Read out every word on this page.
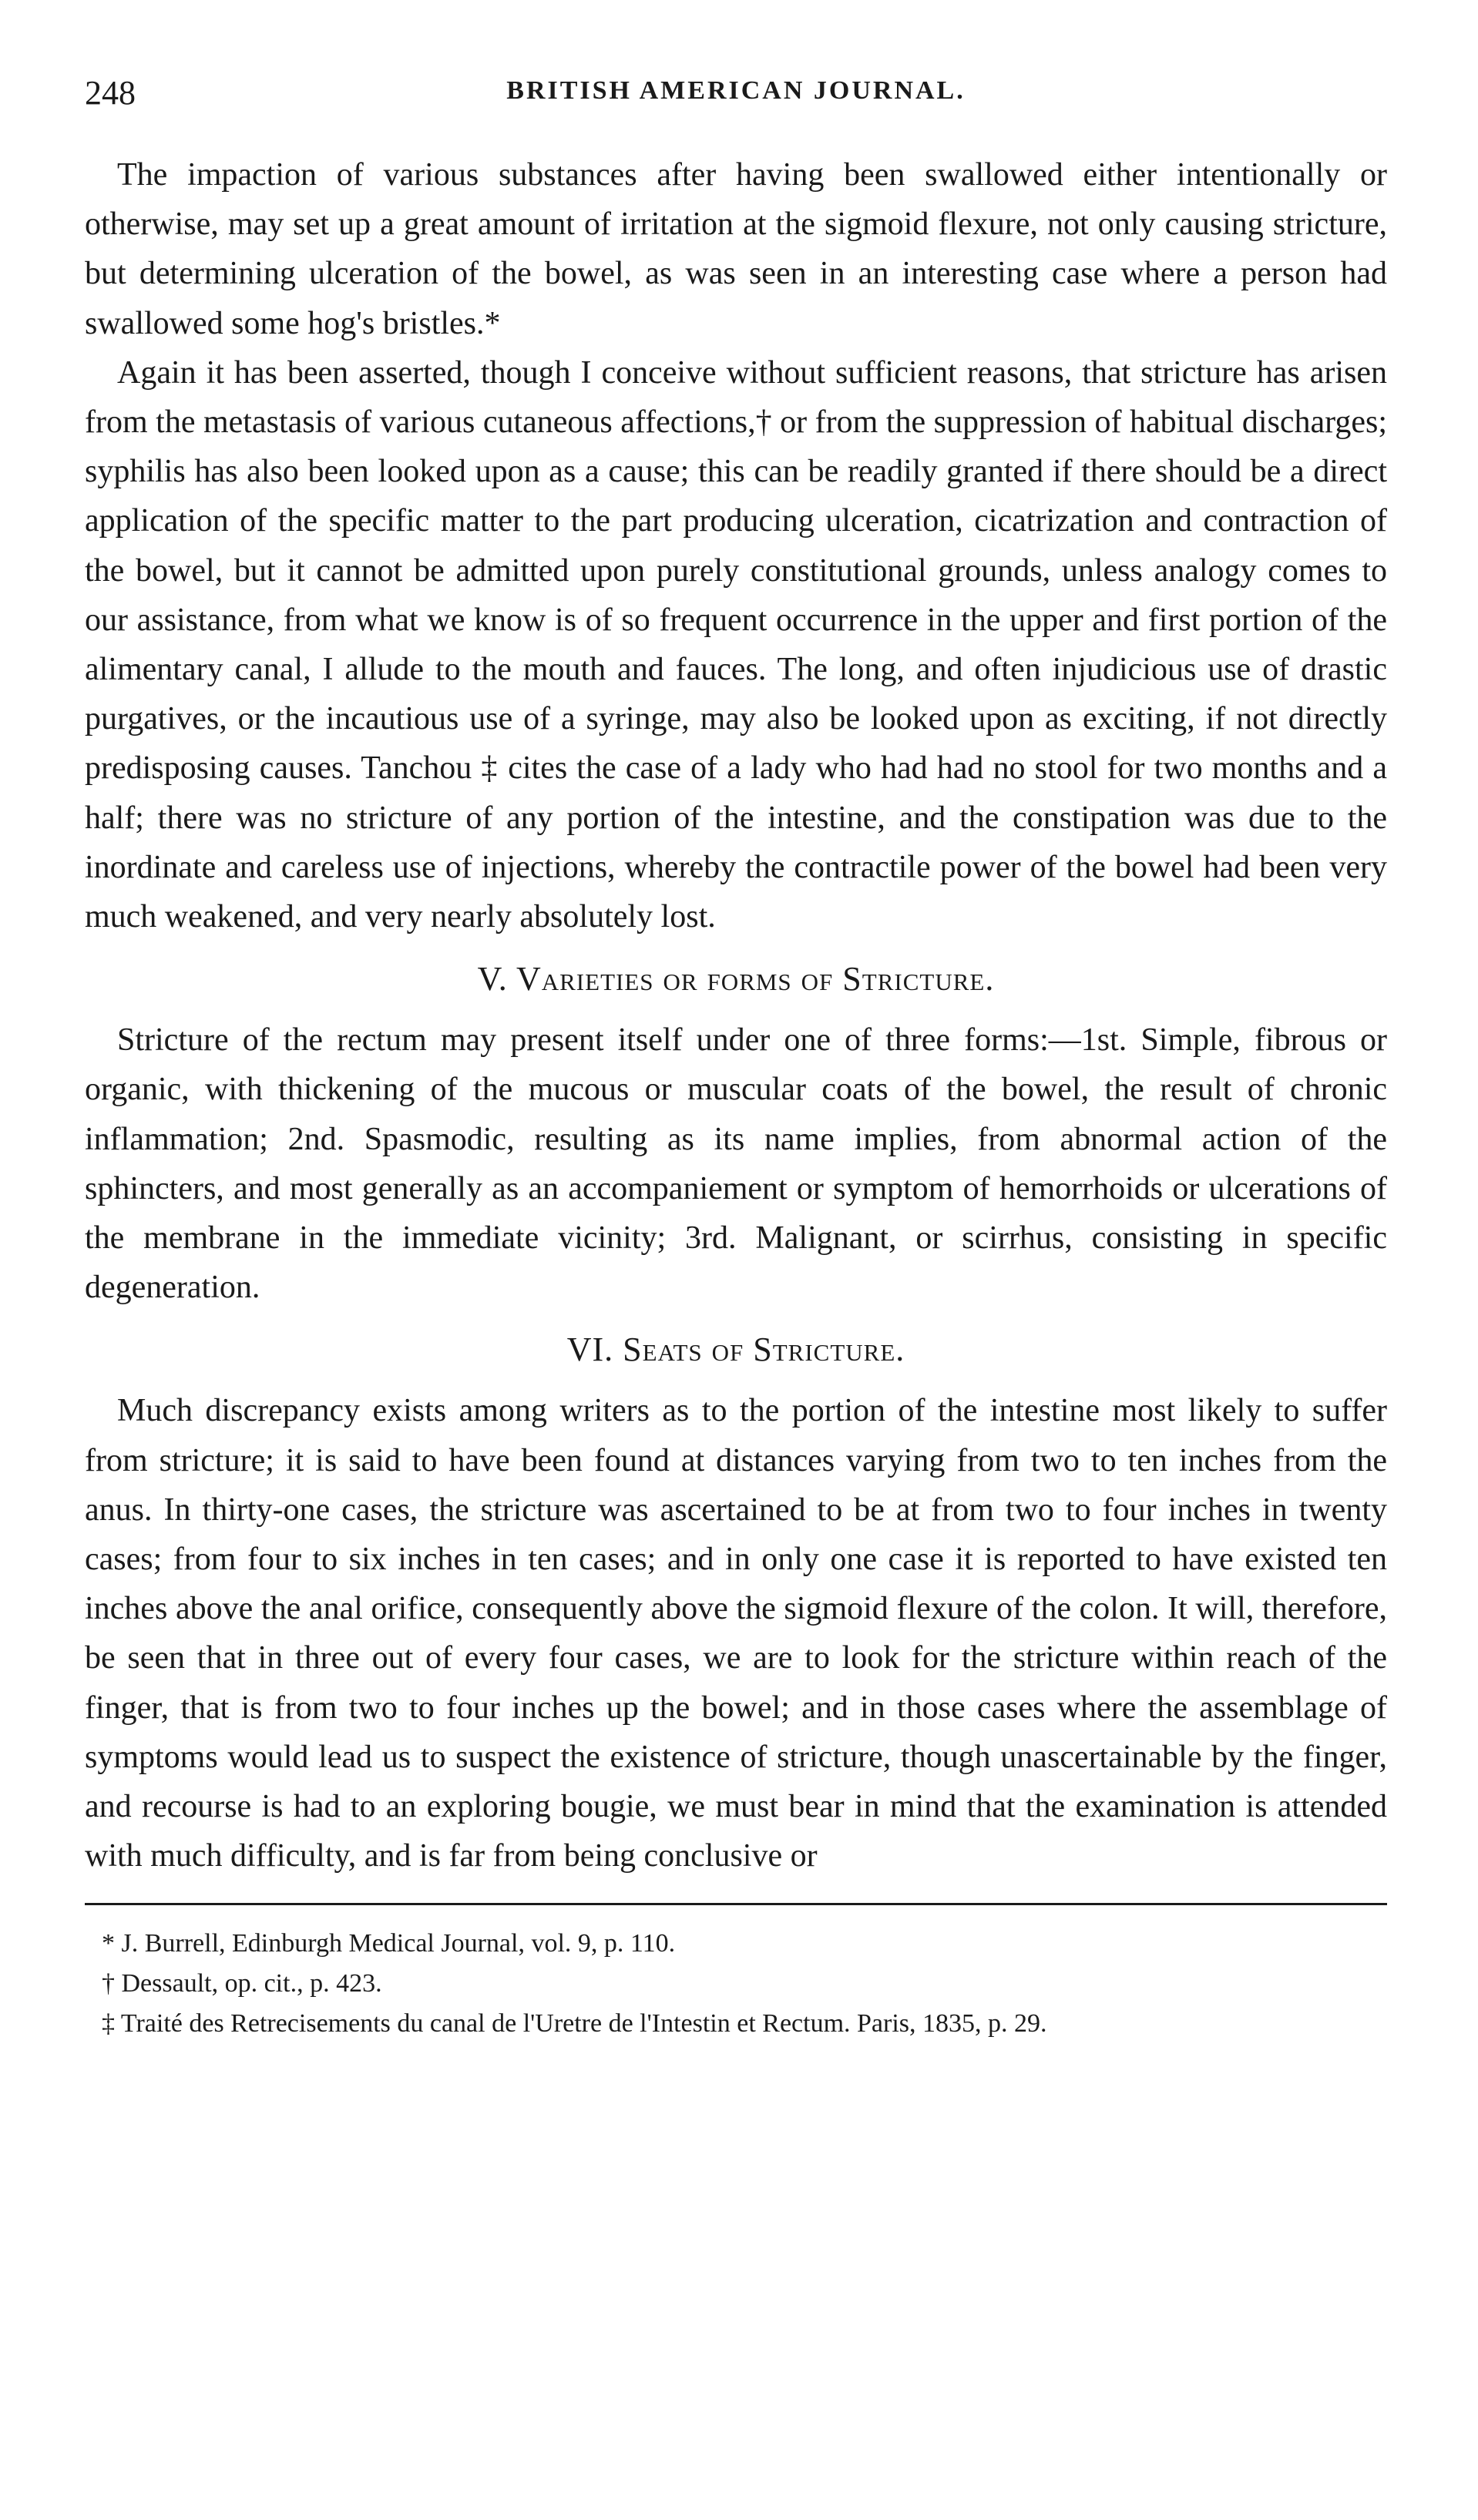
248	BRITISH AMERICAN JOURNAL.

The impaction of various substances after having been swallowed either intentionally or otherwise, may set up a great amount of irritation at the sigmoid flexure, not only causing stricture, but determining ulceration of the bowel, as was seen in an interesting case where a person had swallowed some hog's bristles.*

Again it has been asserted, though I conceive without sufficient reasons, that stricture has arisen from the metastasis of various cutaneous affections,† or from the suppression of habitual discharges; syphilis has also been looked upon as a cause; this can be readily granted if there should be a direct application of the specific matter to the part producing ulceration, cicatrization and contraction of the bowel, but it cannot be admitted upon purely constitutional grounds, unless analogy comes to our assistance, from what we know is of so frequent occurrence in the upper and first portion of the alimentary canal, I allude to the mouth and fauces. The long, and often injudicious use of drastic purgatives, or the incautious use of a syringe, may also be looked upon as exciting, if not directly predisposing causes. Tanchou ‡ cites the case of a lady who had had no stool for two months and a half; there was no stricture of any portion of the intestine, and the constipation was due to the inordinate and careless use of injections, whereby the contractile power of the bowel had been very much weakened, and very nearly absolutely lost.

V. Varieties or forms of Stricture.

Stricture of the rectum may present itself under one of three forms:—1st. Simple, fibrous or organic, with thickening of the mucous or muscular coats of the bowel, the result of chronic inflammation; 2nd. Spasmodic, resulting as its name implies, from abnormal action of the sphincters, and most generally as an accompaniement or symptom of hemorrhoids or ulcerations of the membrane in the immediate vicinity; 3rd. Malignant, or scirrhus, consisting in specific degeneration.

VI. Seats of Stricture.

Much discrepancy exists among writers as to the portion of the intestine most likely to suffer from stricture; it is said to have been found at distances varying from two to ten inches from the anus. In thirty-one cases, the stricture was ascertained to be at from two to four inches in twenty cases; from four to six inches in ten cases; and in only one case it is reported to have existed ten inches above the anal orifice, consequently above the sigmoid flexure of the colon. It will, therefore, be seen that in three out of every four cases, we are to look for the stricture within reach of the finger, that is from two to four inches up the bowel; and in those cases where the assemblage of symptoms would lead us to suspect the existence of stricture, though unascertainable by the finger, and recourse is had to an exploring bougie, we must bear in mind that the examination is attended with much difficulty, and is far from being conclusive or

* J. Burrell, Edinburgh Medical Journal, vol. 9, p. 110.

† Dessault, op. cit., p. 423.

‡ Traité des Retrecisements du canal de l'Uretre de l'Intestin et Rectum. Paris, 1835, p. 29.
